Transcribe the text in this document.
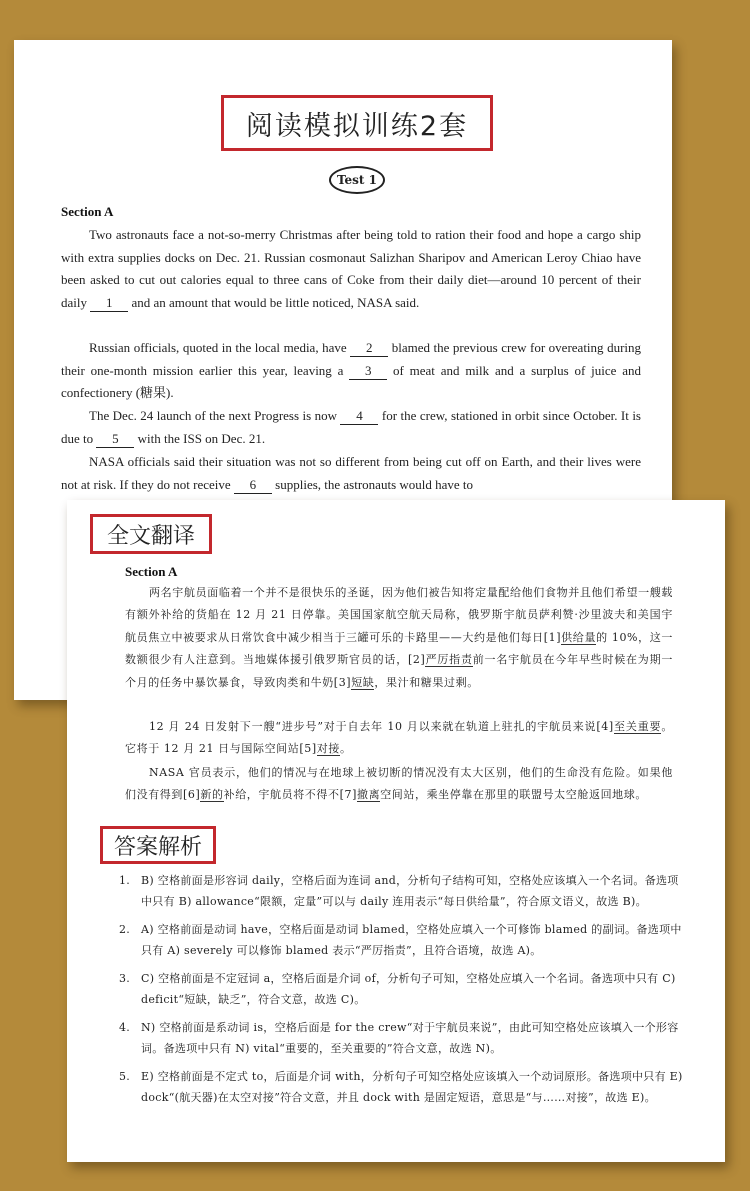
阅读模拟训练2套
Test 1
Section A

Two astronauts face a not-so-merry Christmas after being told to ration their food and hope a cargo ship with extra supplies docks on Dec. 21. Russian cosmonaut Salizhan Sharipov and American Leroy Chiao have been asked to cut out calories equal to three cans of Coke from their daily diet—around 10 percent of their daily 1 and an amount that would be little noticed, NASA said.

Russian officials, quoted in the local media, have 2 blamed the previous crew for overeating during their one-month mission earlier this year, leaving a 3 of meat and milk and a surplus of juice and confectionery (糖果).

The Dec. 24 launch of the next Progress is now 4 for the crew, stationed in orbit since October. It is due to 5 with the ISS on Dec. 21.

NASA officials said their situation was not so different from being cut off on Earth, and their lives were not at risk. If they do not receive 6 supplies, the astronauts would have to

全文翻译
Section A

两名宇航员面临着一个并不是很快乐的圣诞，因为他们被告知将定量配给他们食物并且他们希望一艘载有额外补给的货船在 12 月 21 日停靠。美国国家航空航天局称，俄罗斯宇航员萨利赞·沙里波夫和美国宇航员焦立中被要求从日常饮食中减少相当于三罐可乐的卡路里——大约是他们每日[1]供给量的 10%，这一数额很少有人注意到。当地媒体援引俄罗斯官员的话，[2]严厉指责前一名宇航员在今年早些时候在为期一个月的任务中暴饮暴食，导致肉类和牛奶[3]短缺，果汁和糖果过剩。

12 月 24 日发射下一艘“进步号”对于自去年 10 月以来就在轨道上驻扎的宇航员来说[4]至关重要。它将于 12 月 21 日与国际空间站[5]对接。

NASA 官员表示，他们的情况与在地球上被切断的情况没有太大区别，他们的生命没有危险。如果他们没有得到[6]新的补给，宇航员将不得不[7]撤离空间站，乘坐停靠在那里的联盟号太空舱返回地球。

答案解析
1. B) 空格前面是形容词 daily，空格后面为连词 and，分析句子结构可知，空格处应该填入一个名词。备选项中只有 B) allowance“限额，定量”可以与 daily 连用表示“每日供给量”，符合原文语义，故选 B)。
2. A) 空格前面是动词 have，空格后面是动词 blamed，空格处应填入一个可修饰 blamed 的副词。备选项中只有 A) severely 可以修饰 blamed 表示“严厉指责”，且符合语境，故选 A)。
3. C) 空格前面是不定冠词 a，空格后面是介词 of，分析句子可知，空格处应填入一个名词。备选项中只有 C) deficit“短缺，缺乏”，符合文意，故选 C)。
4. N) 空格前面是系动词 is，空格后面是 for the crew“对于宇航员来说”，由此可知空格处应该填入一个形容词。备选项中只有 N) vital“重要的，至关重要的”符合文意，故选 N)。
5. E) 空格前面是不定式 to，后面是介词 with，分析句子可知空格处应该填入一个动词原形。备选项中只有 E) dock“(航天器)在太空对接”符合文意，并且 dock with 是固定短语，意思是“与……对接”，故选 E)。
